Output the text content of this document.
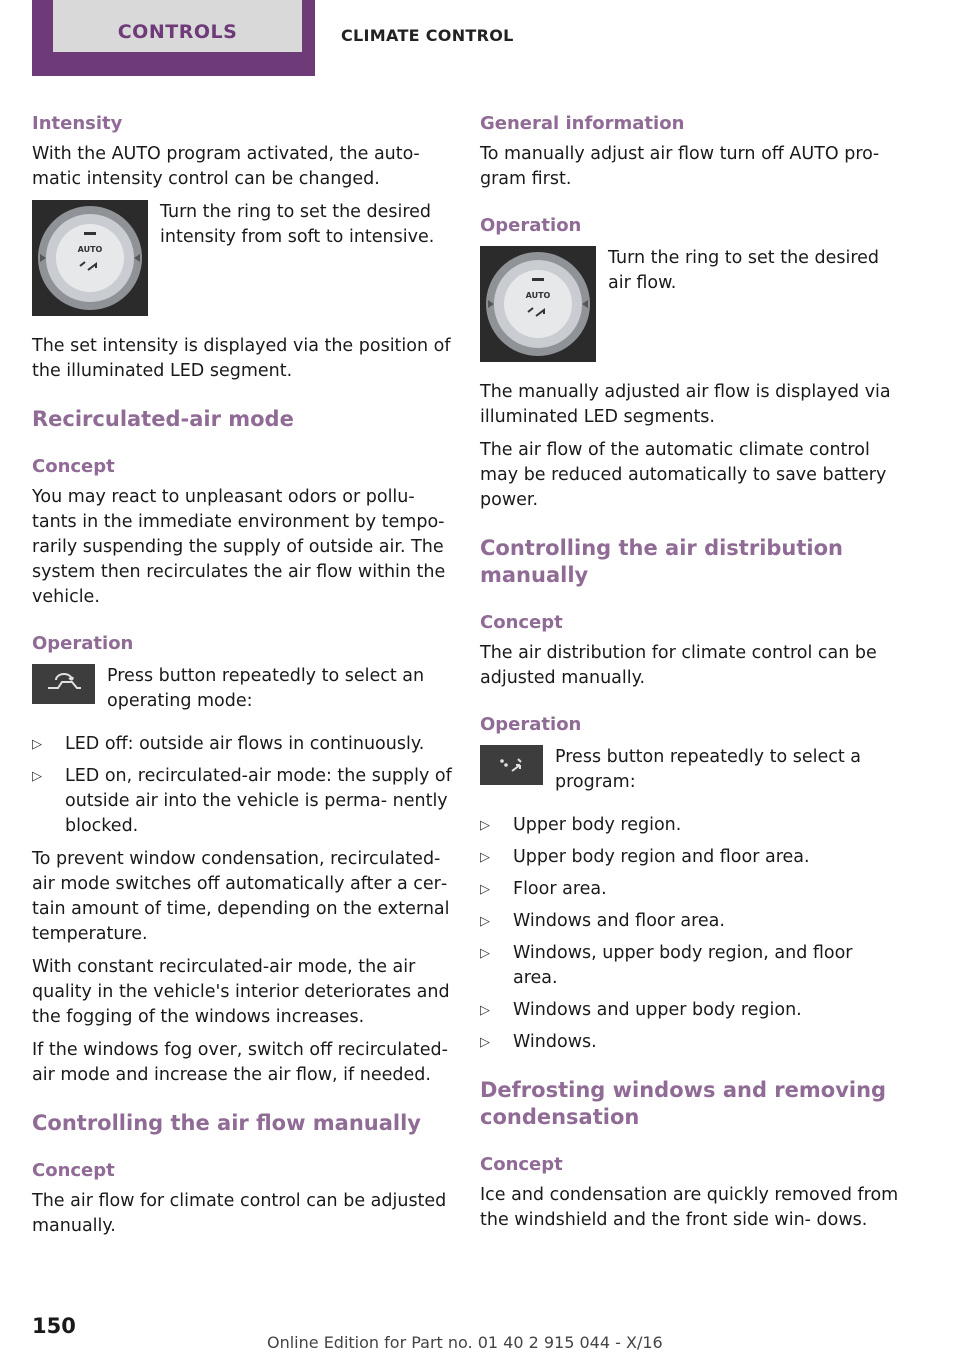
CONTROLS	CLIMATE CONTROL
Intensity
With the AUTO program activated, the auto‐ matic intensity control can be changed.
AUTO
Turn the ring to set the desired intensity from soft to intensive.
The set intensity is displayed via the position of the illuminated LED segment.
Recirculated-air mode
Concept
You may react to unpleasant odors or pollu‐ tants in the immediate environment by tempo‐ rarily suspending the supply of outside air. The system then recirculates the air flow within the vehicle.
Operation
Press button repeatedly to select an operating mode:
▷ LED off: outside air flows in continuously.
▷ LED on, recirculated-air mode: the supply of outside air into the vehicle is perma‐ nently blocked.
To prevent window condensation, recirculated- air mode switches off automatically after a cer‐ tain amount of time, depending on the external temperature.
With constant recirculated-air mode, the air quality in the vehicle's interior deteriorates and the fogging of the windows increases.
If the windows fog over, switch off recirculated- air mode and increase the air flow, if needed.
Controlling the air flow manually
Concept
The air flow for climate control can be adjusted manually.
General information
To manually adjust air flow turn off AUTO pro‐ gram first.
Operation
AUTO
Turn the ring to set the desired air flow.
The manually adjusted air flow is displayed via illuminated LED segments.
The air flow of the automatic climate control may be reduced automatically to save battery power.
Controlling the air distribution manually
Concept
The air distribution for climate control can be adjusted manually.
Operation
Press button repeatedly to select a program:
▷ Upper body region.
▷ Upper body region and floor area.
▷ Floor area.
▷ Windows and floor area.
▷ Windows, upper body region, and floor area.
▷ Windows and upper body region.
▷ Windows.
Defrosting windows and removing condensation
Concept
Ice and condensation are quickly removed from the windshield and the front side win‐ dows.
150
Online Edition for Part no. 01 40 2 915 044 - X/16
